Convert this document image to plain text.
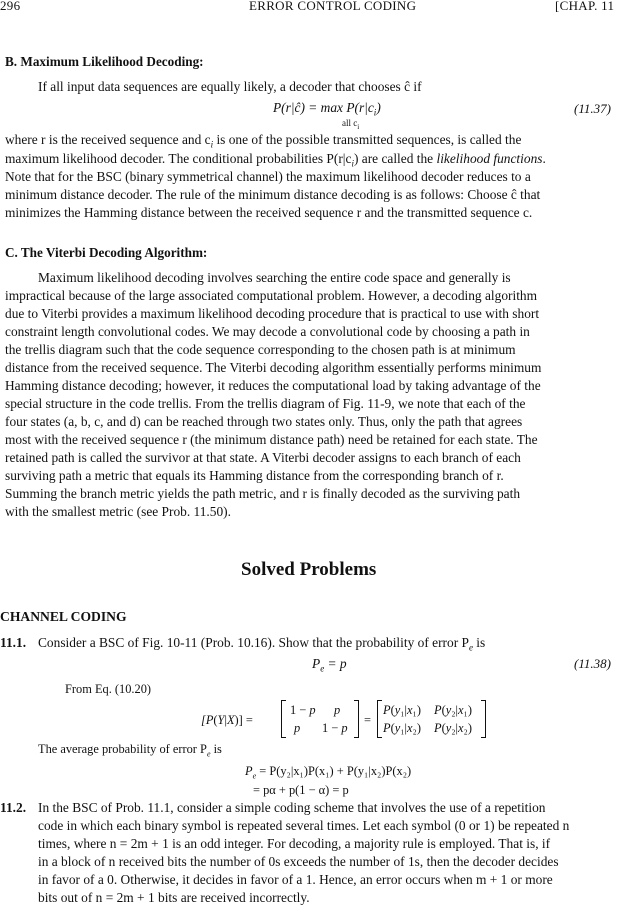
296	ERROR CONTROL CODING	[CHAP. 11
B. Maximum Likelihood Decoding:
If all input data sequences are equally likely, a decoder that chooses ĉ if
P(r|ĉ) = $\max P(r|c_i)$
all $c_i$
(11.37)
where r is the received sequence and $c_i$ is one of the possible transmitted sequences, is called the
maximum likelihood decoder. The conditional probabilities $P(r|c_i)$ are called the likelihood functions.
Note that for the BSC (binary symmetrical channel) the maximum likelihood decoder reduces to a
minimum distance decoder. The rule of the minimum distance decoding is as follows: Choose ĉ that
minimizes the Hamming distance between the received sequence r and the transmitted sequence c.
C. The Viterbi Decoding Algorithm:
Maximum likelihood decoding involves searching the entire code space and generally is
impractical because of the large associated computational problem. However, a decoding algorithm
due to Viterbi provides a maximum likelihood decoding procedure that is practical to use with short
constraint length convolutional codes. We may decode a convolutional code by choosing a path in
the trellis diagram such that the code sequence corresponding to the chosen path is at minimum
distance from the received sequence. The Viterbi decoding algorithm essentially performs minimum
Hamming distance decoding; however, it reduces the computational load by taking advantage of the
special structure in the code trellis. From the trellis diagram of Fig. 11-9, we note that each of the
four states (a, b, c, and d) can be reached through two states only. Thus, only the path that agrees
most with the received sequence r (the minimum distance path) need be retained for each state. The
retained path is called the survivor at that state. A Viterbi decoder assigns to each branch of each
surviving path a metric that equals its Hamming distance from the corresponding branch of r.
Summing the branch metric yields the path metric, and r is finally decoded as the surviving path
with the smallest metric (see Prob. 11.50).
Solved Problems
CHANNEL CODING
11.1. Consider a BSC of Fig. 10-11 (Prob. 10.16). Show that the probability of error $P_e$ is
$P_e = p$	(11.38)
From Eq. (10.20)
[P(Y|X)] =
1 − p p
p 1 − p
=
P(y₁|x₁) P(y₂|x₁)
P(y₁|x₂) P(y₂|x₂)
The average probability of error $P_e$ is
$P_e = P(y_2|x_1)P(x_1) + P(y_1|x_2)P(x_2)$
= pα + p(1 − α) = p
11.2. In the BSC of Prob. 11.1, consider a simple coding scheme that involves the use of a repetition
code in which each binary symbol is repeated several times. Let each symbol (0 or 1) be repeated n
times, where n = 2m + 1 is an odd integer. For decoding, a majority rule is employed. That is, if
in a block of n received bits the number of 0s exceeds the number of 1s, then the decoder decides
in favor of a 0. Otherwise, it decides in favor of a 1. Hence, an error occurs when m + 1 or more
bits out of n = 2m + 1 bits are received incorrectly.
